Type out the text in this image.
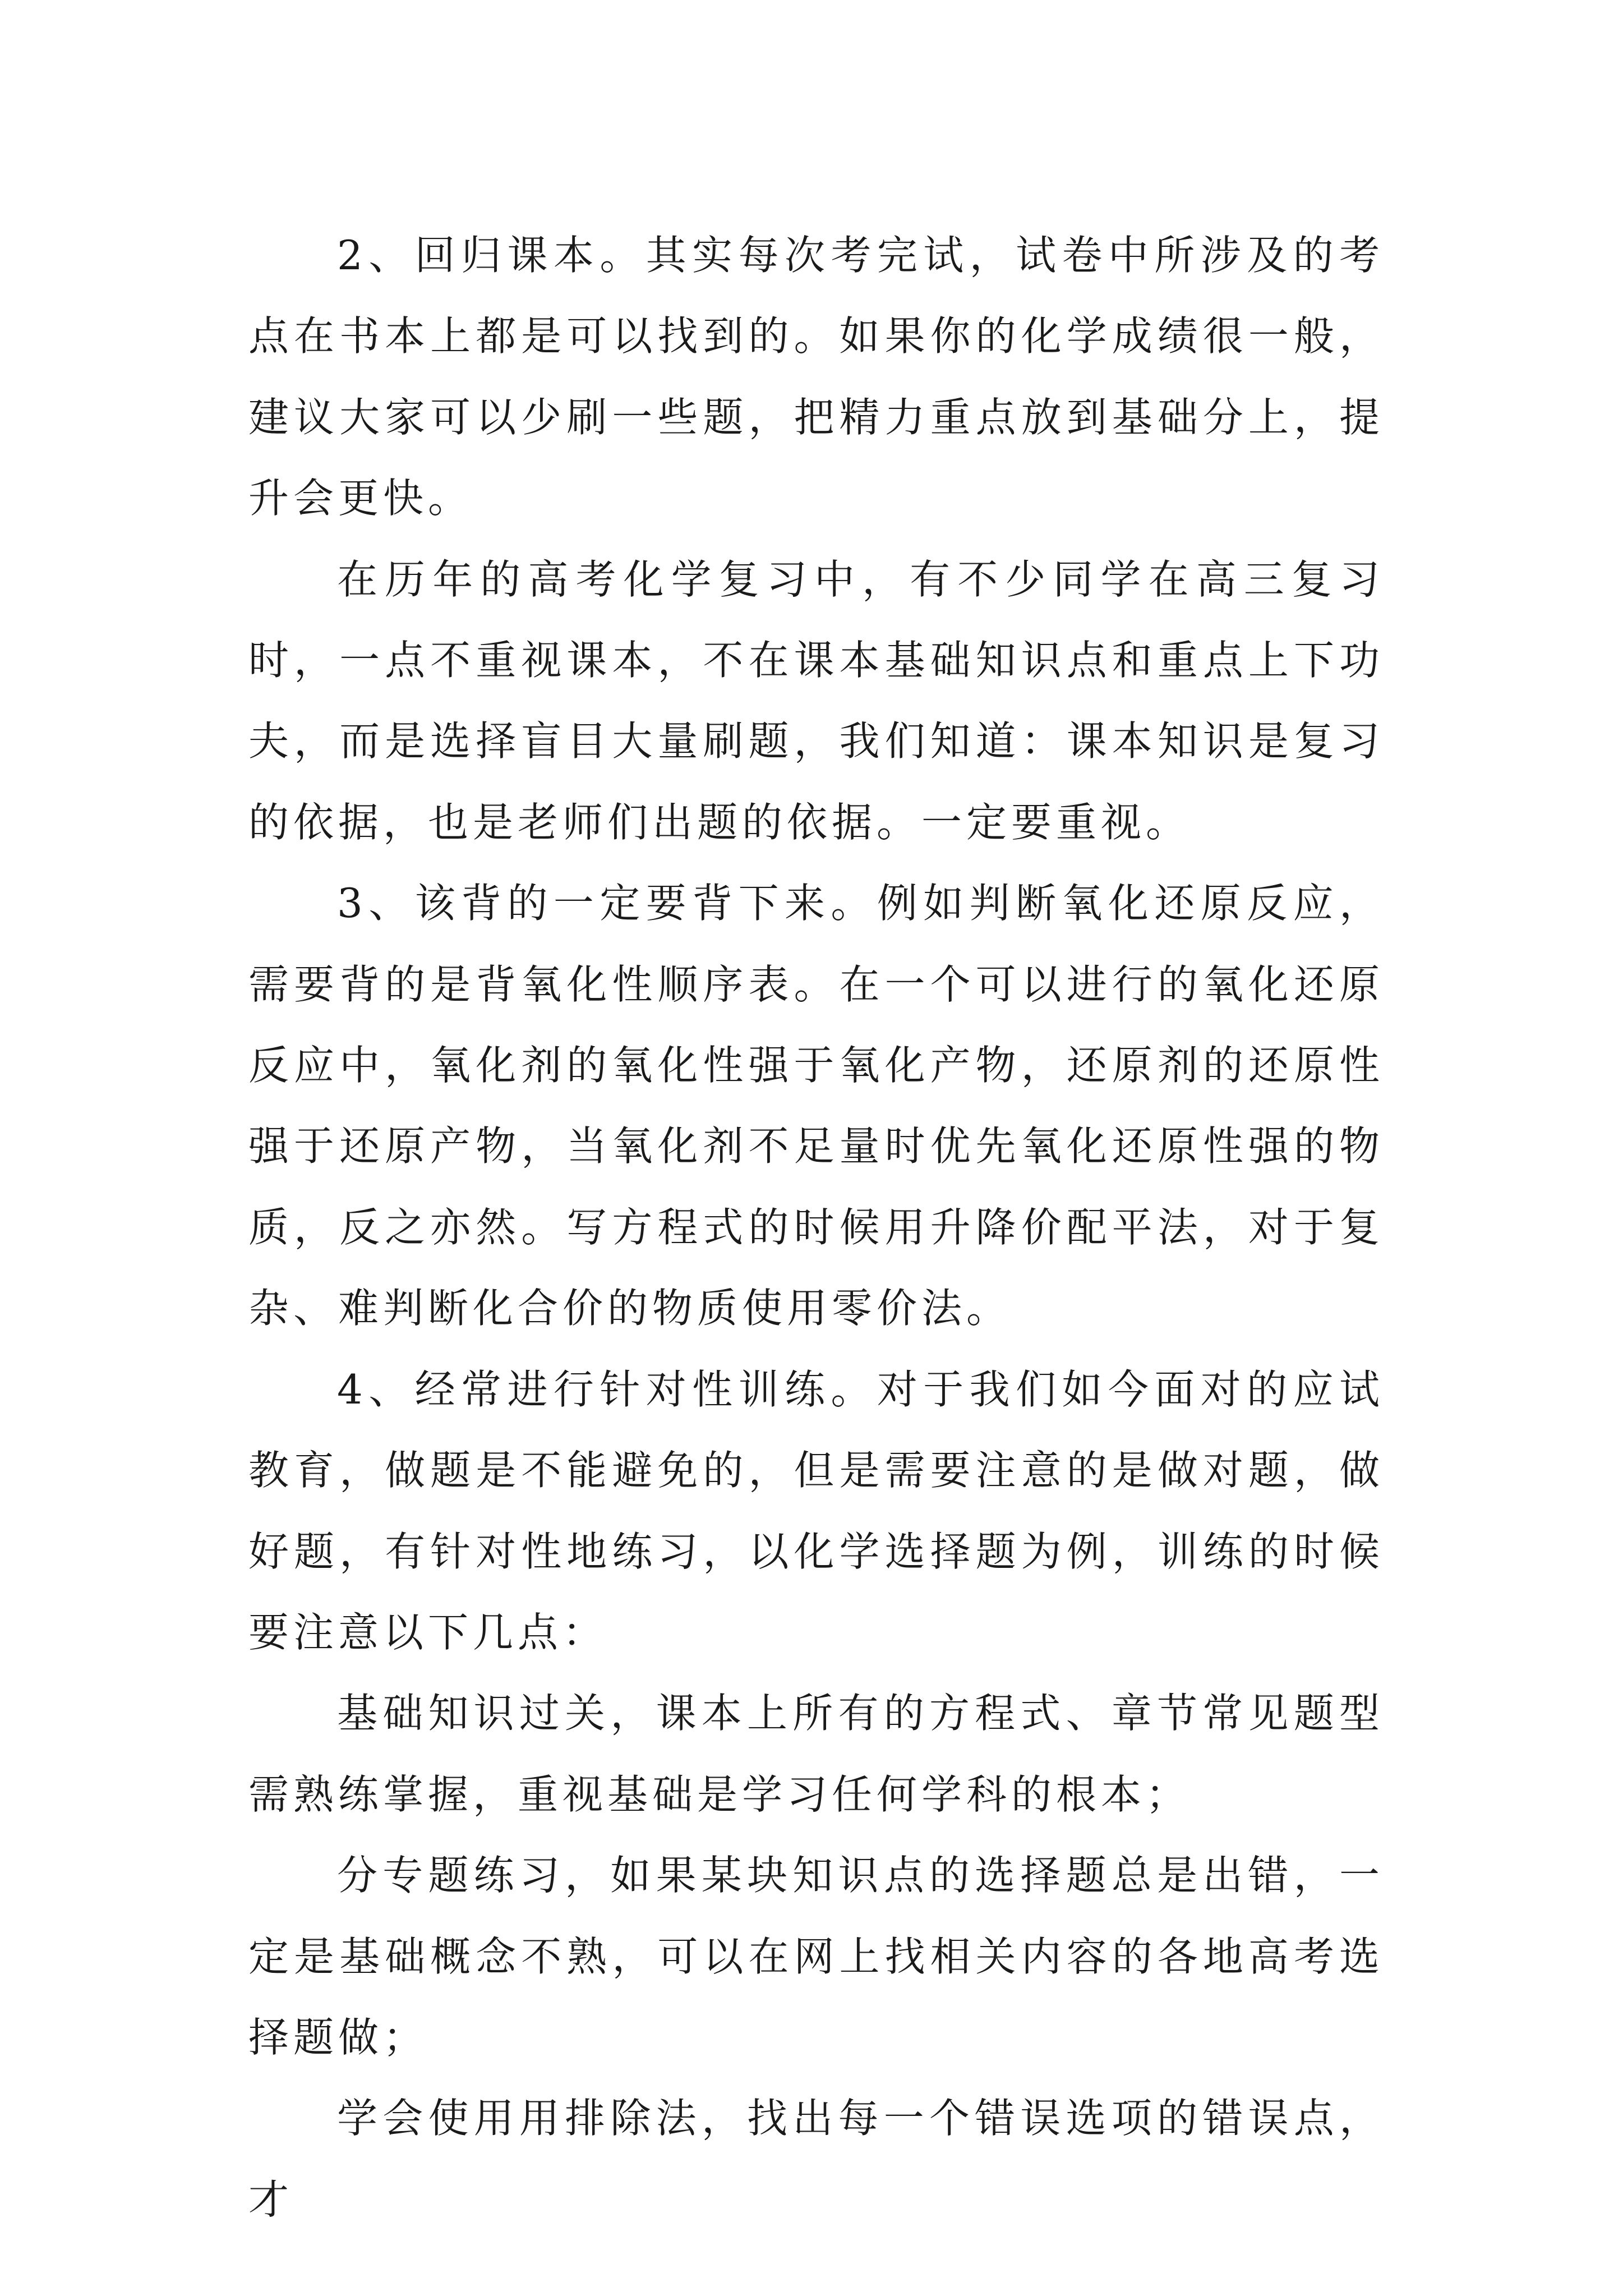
2、回归课本。其实每次考完试，试卷中所涉及的考点在书本上都是可以找到的。如果你的化学成绩很一般，建议大家可以少刷一些题，把精力重点放到基础分上，提升会更快。

在历年的高考化学复习中，有不少同学在高三复习时，一点不重视课本，不在课本基础知识点和重点上下功夫，而是选择盲目大量刷题，我们知道：课本知识是复习的依据，也是老师们出题的依据。一定要重视。

3、该背的一定要背下来。例如判断氧化还原反应，需要背的是背氧化性顺序表。在一个可以进行的氧化还原反应中，氧化剂的氧化性强于氧化产物，还原剂的还原性强于还原产物，当氧化剂不足量时优先氧化还原性强的物质，反之亦然。写方程式的时候用升降价配平法，对于复杂、难判断化合价的物质使用零价法。

4、经常进行针对性训练。对于我们如今面对的应试教育，做题是不能避免的，但是需要注意的是做对题，做好题，有针对性地练习，以化学选择题为例，训练的时候要注意以下几点：

基础知识过关，课本上所有的方程式、章节常见题型需熟练掌握，重视基础是学习任何学科的根本；

分专题练习，如果某块知识点的选择题总是出错，一定是基础概念不熟，可以在网上找相关内容的各地高考选择题做；

学会使用用排除法，找出每一个错误选项的错误点，才
